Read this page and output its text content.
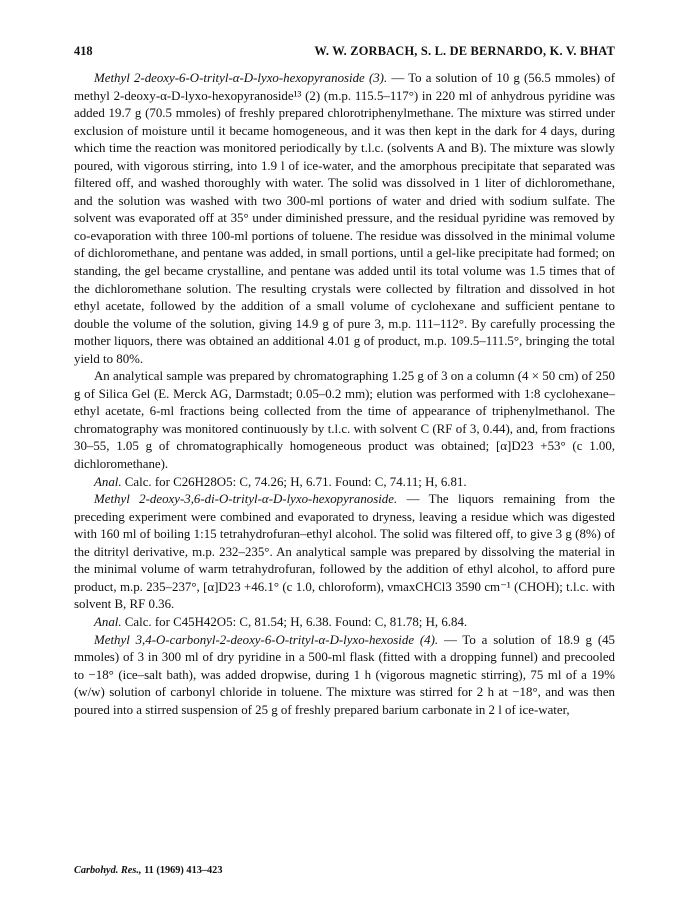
418	W. W. ZORBACH, S. L. DE BERNARDO, K. V. BHAT

Methyl 2-deoxy-6-O-trityl-α-D-lyxo-hexopyranoside (3). — To a solution of 10 g (56.5 mmoles) of methyl 2-deoxy-α-D-lyxo-hexopyranoside¹³ (2) (m.p. 115.5–117°) in 220 ml of anhydrous pyridine was added 19.7 g (70.5 mmoles) of freshly prepared chlorotriphenylmethane. The mixture was stirred under exclusion of moisture until it became homogeneous, and it was then kept in the dark for 4 days, during which time the reaction was monitored periodically by t.l.c. (solvents A and B). The mixture was slowly poured, with vigorous stirring, into 1.9 l of ice-water, and the amorphous precipitate that separated was filtered off, and washed thoroughly with water. The solid was dissolved in 1 liter of dichloromethane, and the solution was washed with two 300-ml portions of water and dried with sodium sulfate. The solvent was evaporated off at 35° under diminished pressure, and the residual pyridine was removed by co-evaporation with three 100-ml portions of toluene. The residue was dissolved in the minimal volume of dichloromethane, and pentane was added, in small portions, until a gel-like precipitate had formed; on standing, the gel became crystalline, and pentane was added until its total volume was 1.5 times that of the dichloromethane solution. The resulting crystals were collected by filtration and dissolved in hot ethyl acetate, followed by the addition of a small volume of cyclohexane and sufficient pentane to double the volume of the solution, giving 14.9 g of pure 3, m.p. 111–112°. By carefully processing the mother liquors, there was obtained an additional 4.01 g of product, m.p. 109.5–111.5°, bringing the total yield to 80%.

An analytical sample was prepared by chromatographing 1.25 g of 3 on a column (4 × 50 cm) of 250 g of Silica Gel (E. Merck AG, Darmstadt; 0.05–0.2 mm); elution was performed with 1:8 cyclohexane–ethyl acetate, 6-ml fractions being collected from the time of appearance of triphenylmethanol. The chromatography was monitored continuously by t.l.c. with solvent C (RF of 3, 0.44), and, from fractions 30–55, 1.05 g of chromatographically homogeneous product was obtained; [α]D23 +53° (c 1.00, dichloromethane).

Anal. Calc. for C26H28O5: C, 74.26; H, 6.71. Found: C, 74.11; H, 6.81.

Methyl 2-deoxy-3,6-di-O-trityl-α-D-lyxo-hexopyranoside. — The liquors remaining from the preceding experiment were combined and evaporated to dryness, leaving a residue which was digested with 160 ml of boiling 1:15 tetrahydrofuran–ethyl alcohol. The solid was filtered off, to give 3 g (8%) of the ditrityl derivative, m.p. 232–235°. An analytical sample was prepared by dissolving the material in the minimal volume of warm tetrahydrofuran, followed by the addition of ethyl alcohol, to afford pure product, m.p. 235–237°, [α]D23 +46.1° (c 1.0, chloroform), νmaxCHCl3 3590 cm⁻¹ (CHOH); t.l.c. with solvent B, RF 0.36.

Anal. Calc. for C45H42O5: C, 81.54; H, 6.38. Found: C, 81.78; H, 6.84.

Methyl 3,4-O-carbonyl-2-deoxy-6-O-trityl-α-D-lyxo-hexoside (4). — To a solution of 18.9 g (45 mmoles) of 3 in 300 ml of dry pyridine in a 500-ml flask (fitted with a dropping funnel) and precooled to −18° (ice–salt bath), was added dropwise, during 1 h (vigorous magnetic stirring), 75 ml of a 19% (w/w) solution of carbonyl chloride in toluene. The mixture was stirred for 2 h at −18°, and was then poured into a stirred suspension of 25 g of freshly prepared barium carbonate in 2 l of ice-water,

Carbohyd. Res., 11 (1969) 413–423
